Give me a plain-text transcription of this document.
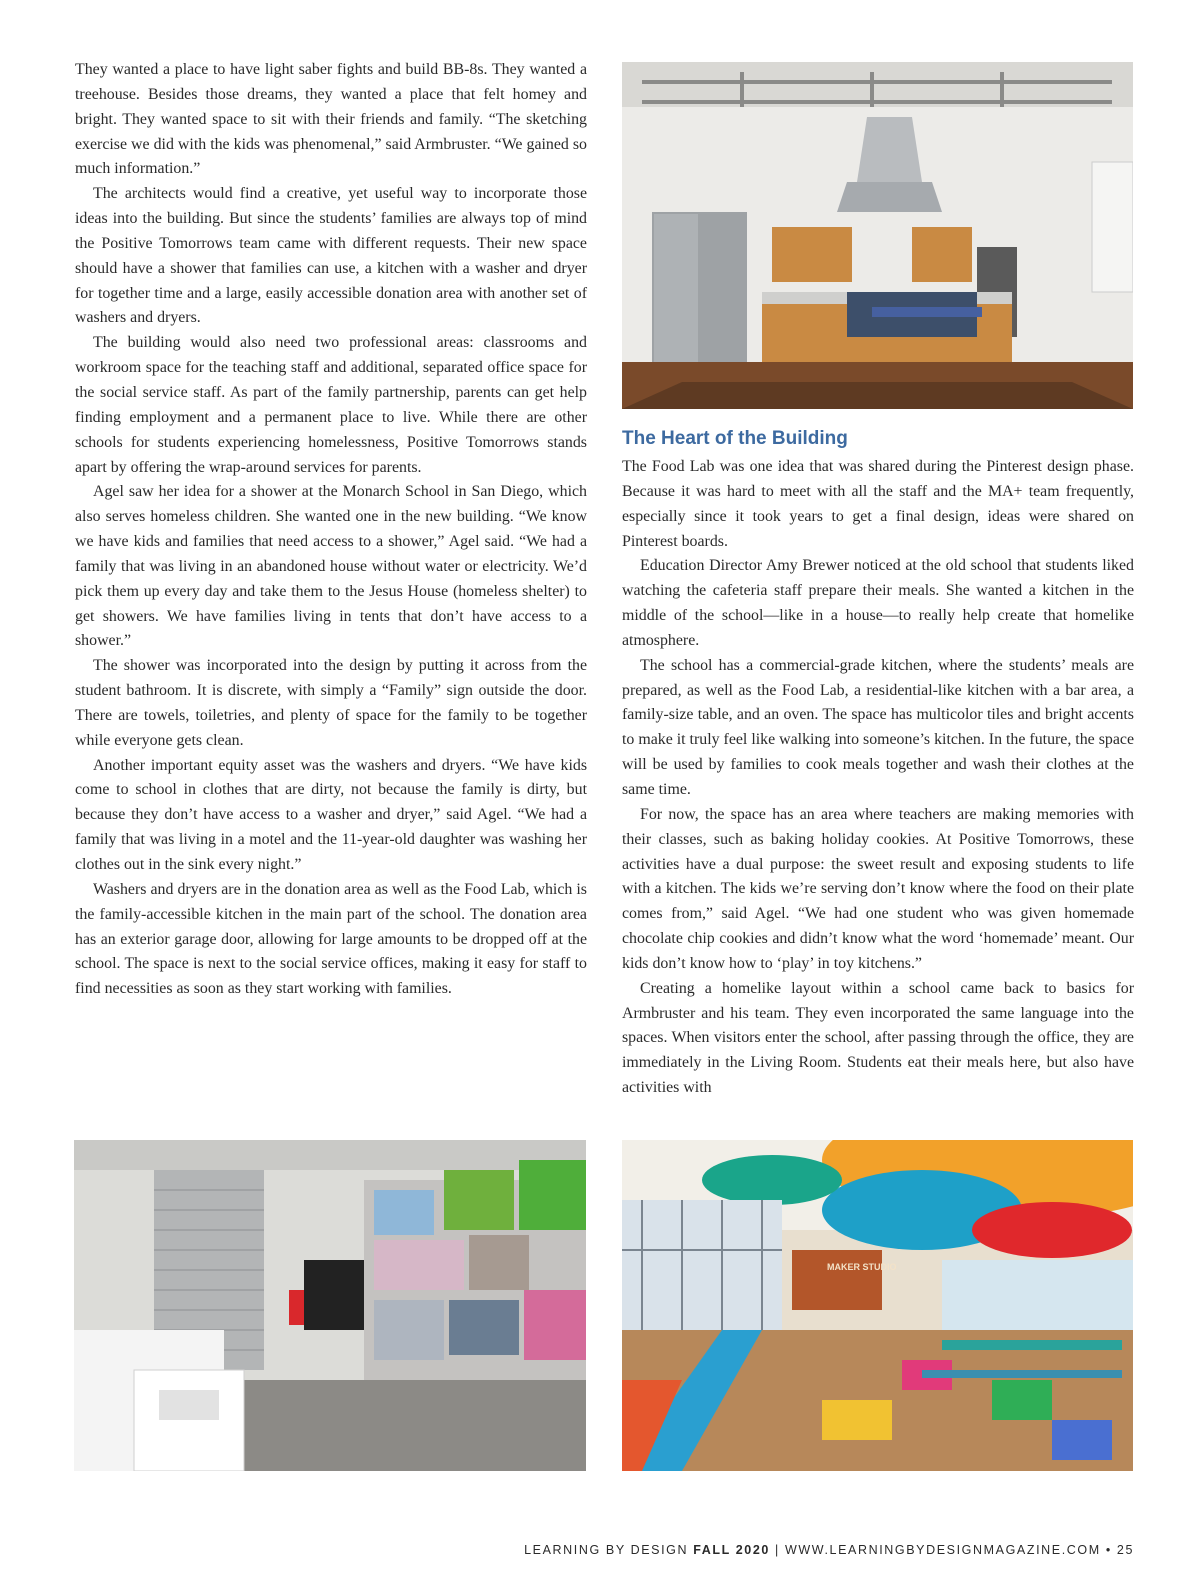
They wanted a place to have light saber fights and build BB-8s. They wanted a treehouse. Besides those dreams, they wanted a place that felt homey and bright. They wanted space to sit with their friends and family. “The sketching exercise we did with the kids was phenomenal,” said Armbruster. “We gained so much information.”

The architects would find a creative, yet useful way to incorporate those ideas into the building. But since the students’ families are always top of mind the Positive Tomorrows team came with different requests. Their new space should have a shower that families can use, a kitchen with a washer and dryer for together time and a large, easily accessible donation area with another set of washers and dryers.

The building would also need two professional areas: classrooms and workroom space for the teaching staff and additional, separated office space for the social service staff. As part of the family partnership, parents can get help finding employment and a permanent place to live. While there are other schools for students experiencing homelessness, Positive Tomorrows stands apart by offering the wrap-around services for parents.

Agel saw her idea for a shower at the Monarch School in San Diego, which also serves homeless children. She wanted one in the new building. “We know we have kids and families that need access to a shower,” Agel said. “We had a family that was living in an abandoned house without water or electricity. We’d pick them up every day and take them to the Jesus House (homeless shelter) to get showers. We have families living in tents that don’t have access to a shower.”

The shower was incorporated into the design by putting it across from the student bathroom. It is discrete, with simply a “Family” sign outside the door. There are towels, toiletries, and plenty of space for the family to be together while everyone gets clean.

Another important equity asset was the washers and dryers. “We have kids come to school in clothes that are dirty, not because the family is dirty, but because they don’t have access to a washer and dryer,” said Agel. “We had a family that was living in a motel and the 11-year-old daughter was washing her clothes out in the sink every night.”

Washers and dryers are in the donation area as well as the Food Lab, which is the family-accessible kitchen in the main part of the school. The donation area has an exterior garage door, allowing for large amounts to be dropped off at the school. The space is next to the social service offices, making it easy for staff to find necessities as soon as they start working with families.

The Heart of the Building

The Food Lab was one idea that was shared during the Pinterest design phase. Because it was hard to meet with all the staff and the MA+ team frequently, especially since it took years to get a final design, ideas were shared on Pinterest boards.

Education Director Amy Brewer noticed at the old school that students liked watching the cafeteria staff prepare their meals. She wanted a kitchen in the middle of the school—like in a house—to really help create that homelike atmosphere.

The school has a commercial-grade kitchen, where the students’ meals are prepared, as well as the Food Lab, a residential-like kitchen with a bar area, a family-size table, and an oven. The space has multicolor tiles and bright accents to make it truly feel like walking into someone’s kitchen. In the future, the space will be used by families to cook meals together and wash their clothes at the same time.

For now, the space has an area where teachers are making memories with their classes, such as baking holiday cookies. At Positive Tomorrows, these activities have a dual purpose: the sweet result and exposing students to life with a kitchen. The kids we’re serving don’t know where the food on their plate comes from,” said Agel. “We had one student who was given homemade chocolate chip cookies and didn’t know what the word ‘homemade’ meant. Our kids don’t know how to ‘play’ in toy kitchens.”

Creating a homelike layout within a school came back to basics for Armbruster and his team. They even incorporated the same language into the spaces. When visitors enter the school, after passing through the office, they are immediately in the Living Room. Students eat their meals here, but also have activities with

MAKER STUDIO
LEARNING BY DESIGN FALL 2020 | WWW.LEARNINGBYDESIGNMAGAZINE.COM • 25
